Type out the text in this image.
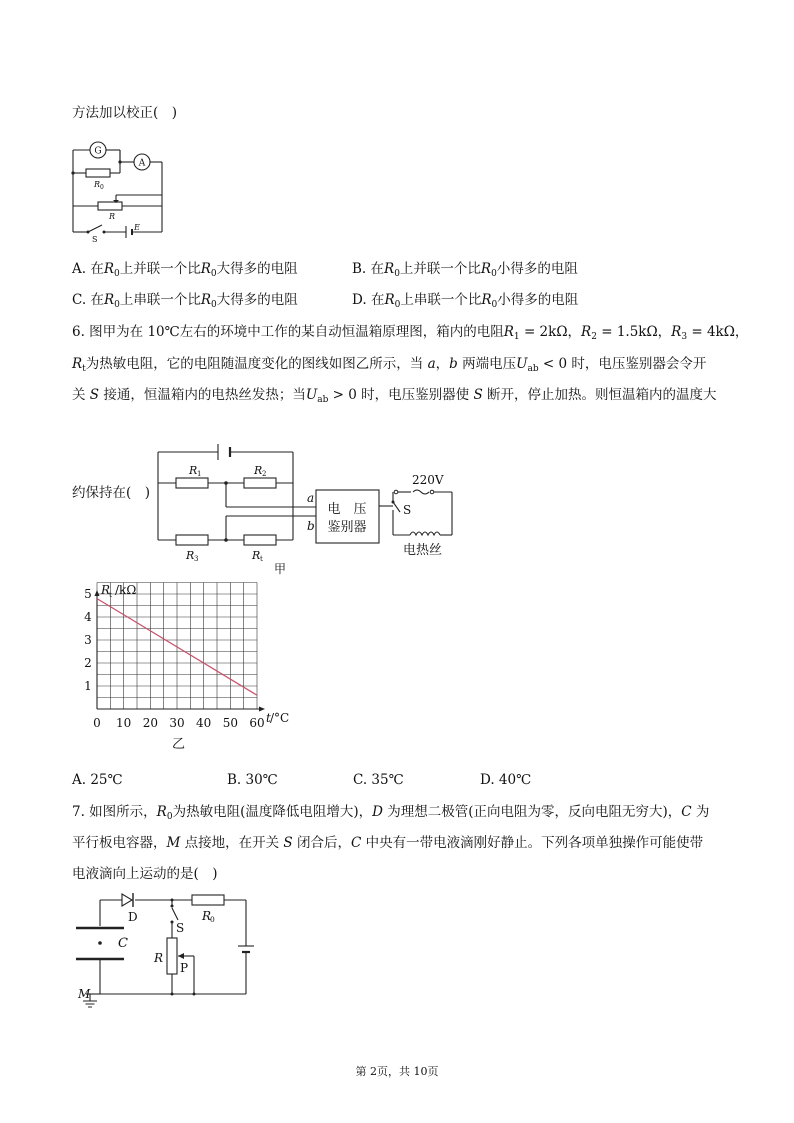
方法加以校正(　)
G
A
R 0
R
S
E
A. 在$R_0$上并联一个比$R_0$大得多的电阻	B. 在$R_0$上并联一个比$R_0$小得多的电阻
C. 在$R_0$上串联一个比$R_0$大得多的电阻	D. 在$R_0$上串联一个比$R_0$小得多的电阻
6. 图甲为在 10℃左右的环境中工作的某自动恒温箱原理图，箱内的电阻$R_1 = 2k\Omega$，$R_2 = 1.5k\Omega$，$R_3 = 4k\Omega$，
$R_t$为热敏电阻，它的电阻随温度变化的图线如图乙所示，当 a，b 两端电压$U_{ab} < 0$ 时，电压鉴别器会令开
关 S 接通，恒温箱内的电热丝发热；当$U_{ab} > 0$ 时，电压鉴别器使 S 断开，停止加热。则恒温箱内的温度大
约保持在(　)
R 1	R 2
R 3	R t
a
b
电　压
鉴别器
220V
S
电热丝
甲
0 10 20 30 40 50 60
1
2
3
4
5 R
t /kΩ
t /°C
乙
A. 25℃	B. 30℃	C. 35℃	D. 40℃
7. 如图所示，$R_0$为热敏电阻(温度降低电阻增大)，D 为理想二极管(正向电阻为零，反向电阻无穷大)，C 为
平行板电容器，M 点接地，在开关 S 闭合后，C 中央有一带电液滴刚好静止。下列各项单独操作可能使带
电液滴向上运动的是(　)
D
S
R
0
C
R
P
M
第 2页，共 10页
